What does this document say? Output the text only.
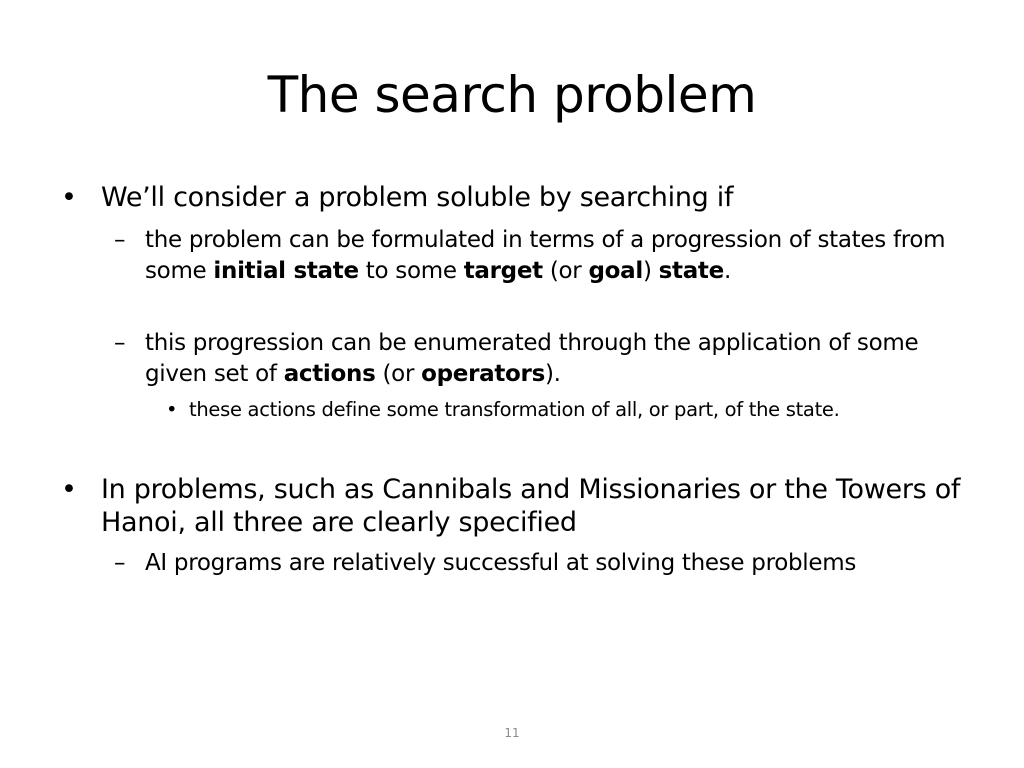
The search problem
• We’ll consider a problem soluble by searching if
– the problem can be formulated in terms of a progression of states from some initial state to some target (or goal) state.
– this progression can be enumerated through the application of some given set of actions (or operators).
• these actions define some transformation of all, or part, of the state.
• In problems, such as Cannibals and Missionaries or the Towers of Hanoi, all three are clearly specified
– AI programs are relatively successful at solving these problems
11
